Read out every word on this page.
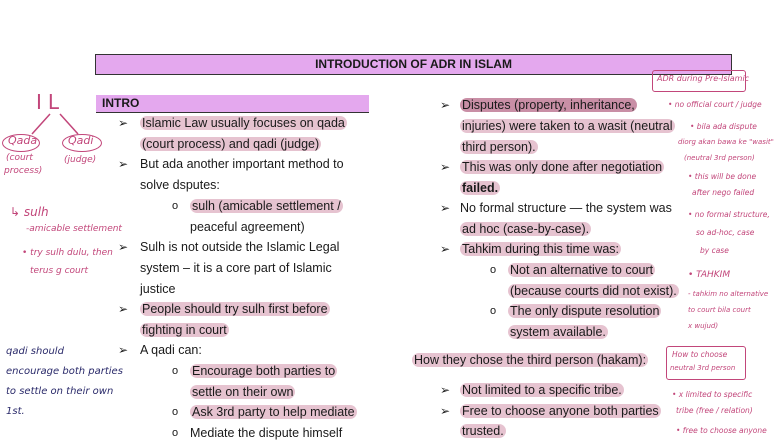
INTRODUCTION OF ADR IN ISLAM
INTRO
➢ Islamic Law usually focuses on qada
(court process) and qadi (judge)
➢ But ada another important method to
solve dsputes:
o sulh (amicable settlement /
peaceful agreement)
➢ Sulh is not outside the Islamic Legal
system – it is a core part of Islamic
justice
➢ People should try sulh first before
fighting in court
➢ A qadi can:
o Encourage both parties to
settle on their own
o Ask 3rd party to help mediate
o Mediate the dispute himself
➢ Disputes (property, inheritance,
injuries) were taken to a wasit (neutral
third person).
➢ This was only done after negotiation
failed.
➢ No formal structure — the system was
ad hoc (case-by-case).
➢ Tahkim during this time was:
o Not an alternative to court
(because courts did not exist).
o The only dispute resolution
system available.
How they chose the third person (hakam):
➢ Not limited to a specific tribe.
➢ Free to choose anyone both parties
trusted.
IL
Qada
(court
process)
Qadi
(judge)
↳ sulh
-amicable settlement
• try sulh dulu, then
terus g court
qadi should
encourage both parties
to settle on their own
1st.
ADR during Pre-Islamic
• no official court / judge
• bila ada dispute
diorg akan bawa ke "wasit"
(neutral 3rd person)
• this will be done
after nego failed
• no formal structure,
so ad-hoc, case
by case
• TAHKIM
- tahkim no alternative
to court bila court
x wujud)
How to choose
neutral 3rd person
• x limited to specific
tribe (free / relation)
• free to choose anyone
